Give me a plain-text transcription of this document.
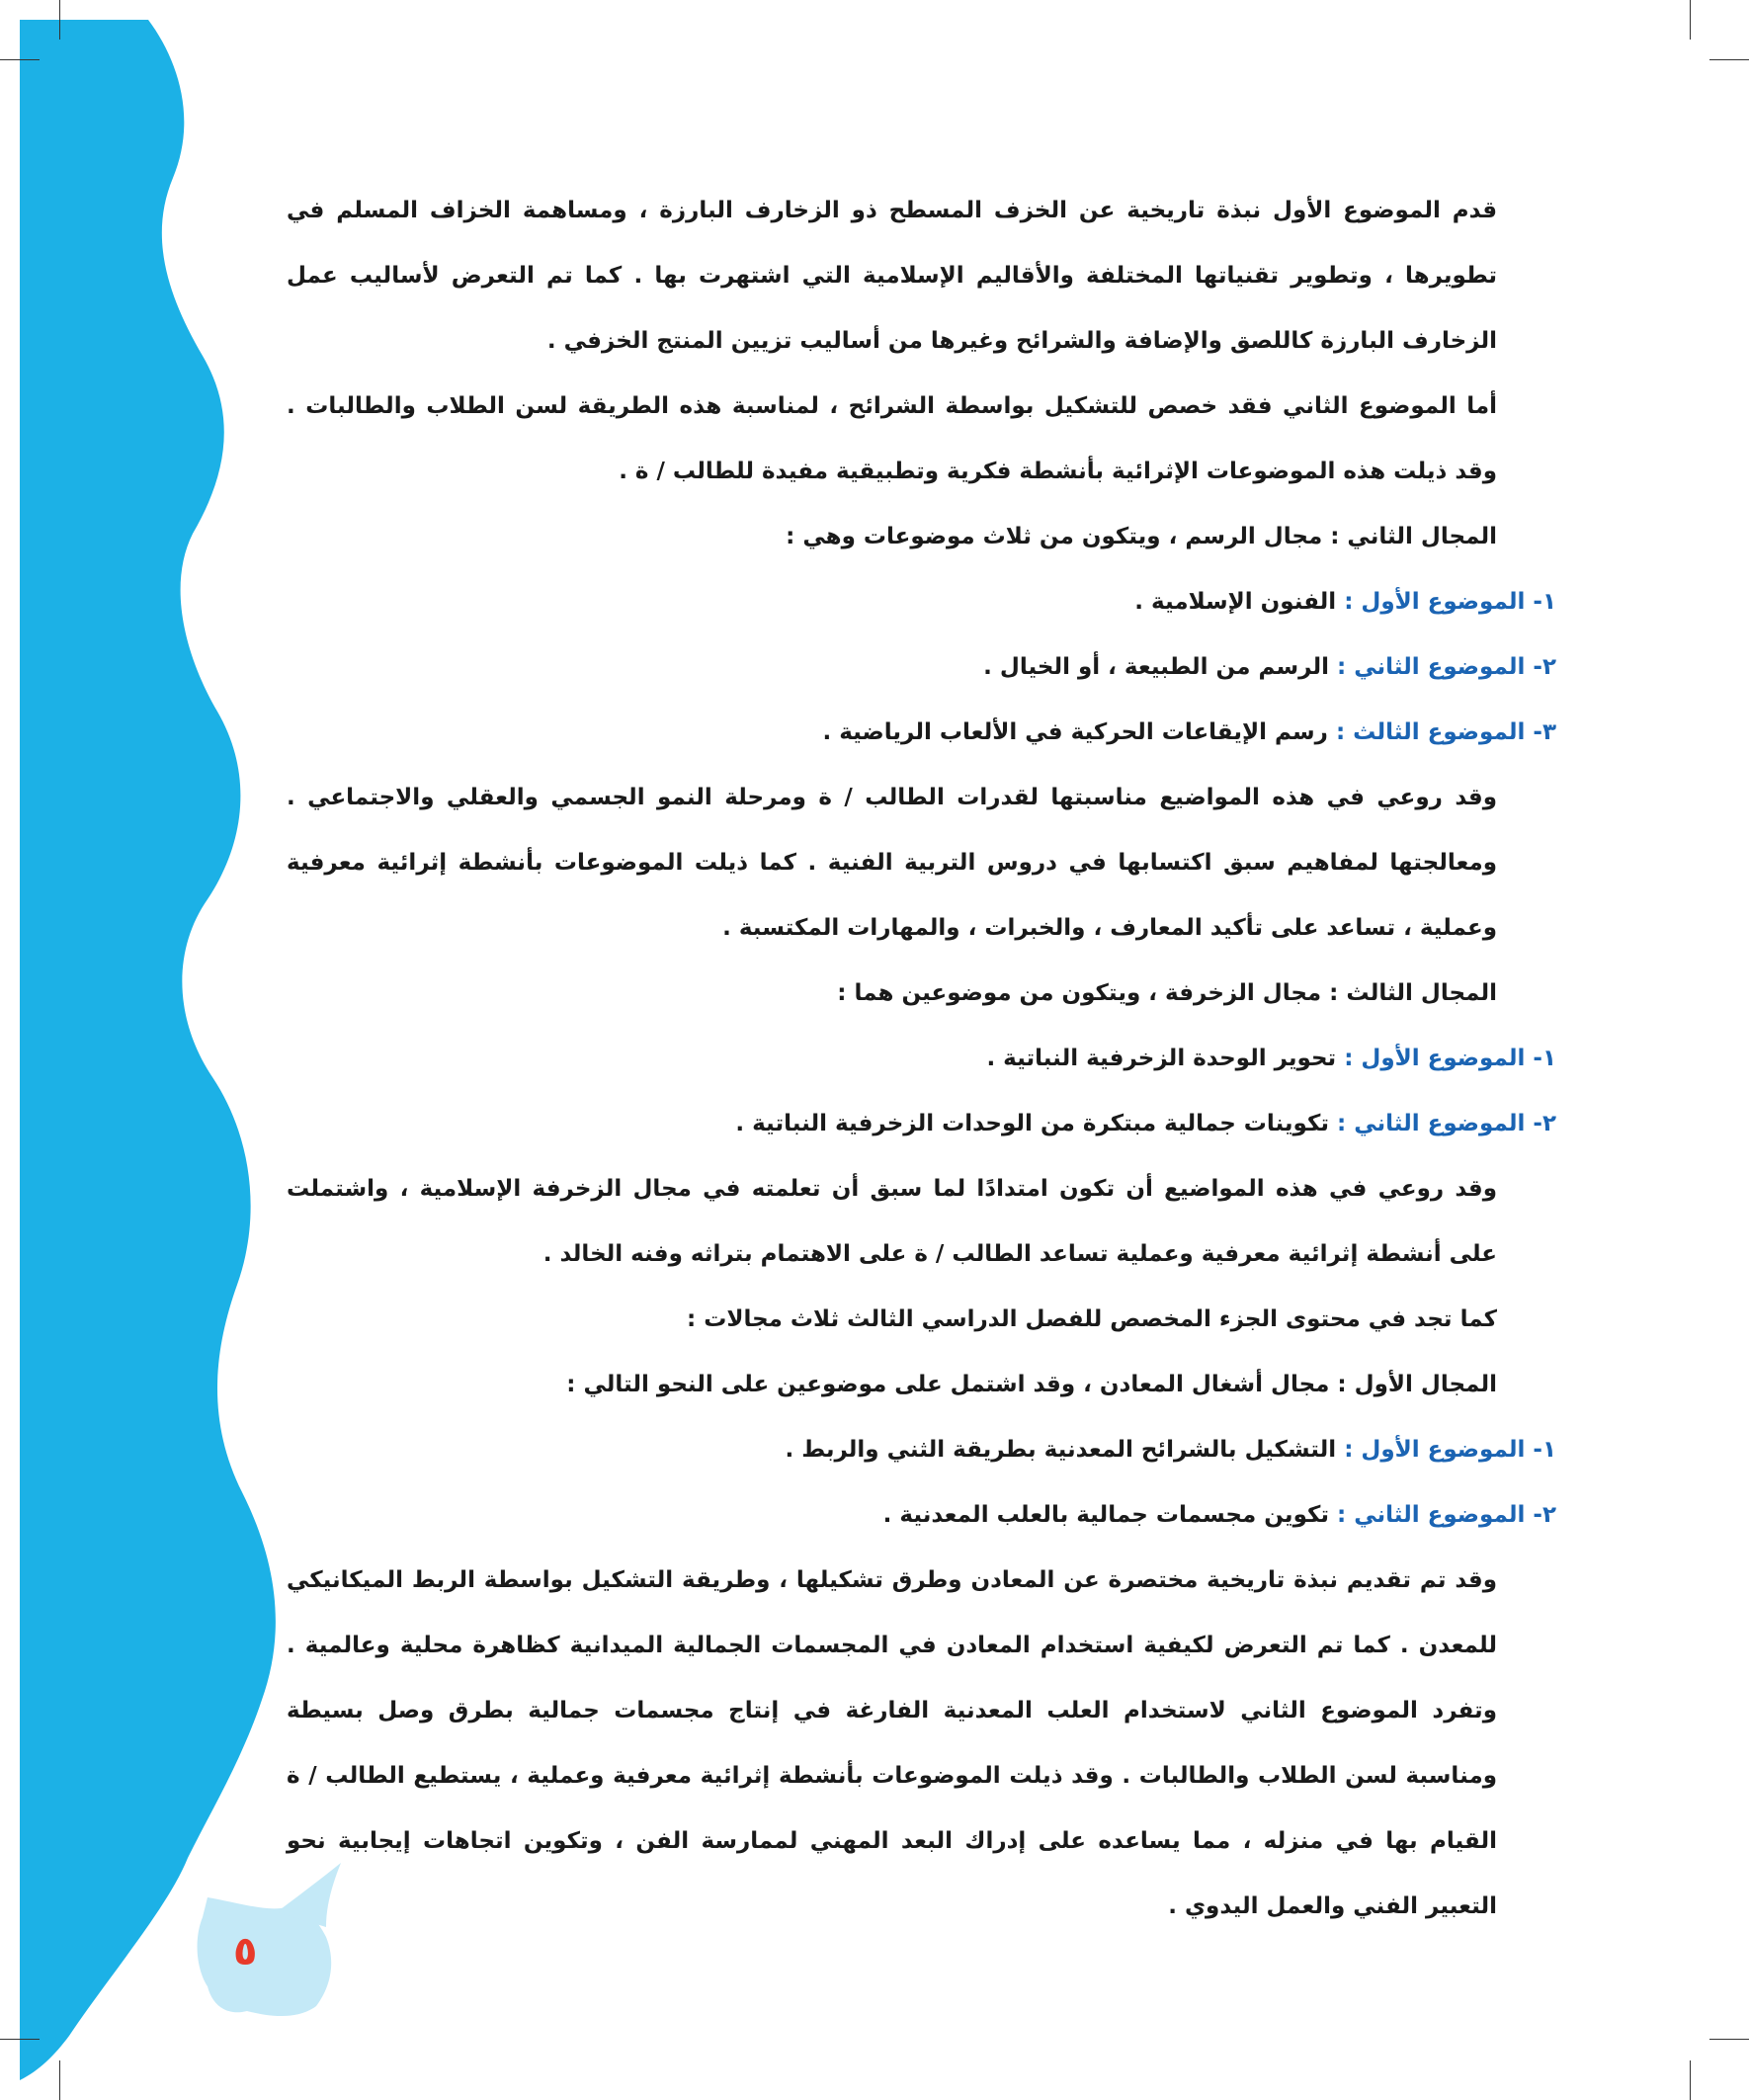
قدم الموضوع الأول نبذة تاريخية عن الخزف المسطح ذو الزخارف البارزة ، ومساهمة الخزاف المسلم في تطويرها ، وتطوير تقنياتها المختلفة والأقاليم الإسلامية التي اشتهرت بها . كما تم التعرض لأساليب عمل الزخارف البارزة كاللصق والإضافة والشرائح وغيرها من أساليب تزيين المنتج الخزفي .

أما الموضوع الثاني فقد خصص للتشكيل بواسطة الشرائح ، لمناسبة هذه الطريقة لسن الطلاب والطالبات . وقد ذيلت هذه الموضوعات الإثرائية بأنشطة فكرية وتطبيقية مفيدة للطالب / ة .

المجال الثاني : مجال الرسم ، ويتكون من ثلاث موضوعات وهي :

١- الموضوع الأول : الفنون الإسلامية .

٢- الموضوع الثاني : الرسم من الطبيعة ، أو الخيال .

٣- الموضوع الثالث : رسم الإيقاعات الحركية في الألعاب الرياضية .

وقد روعي في هذه المواضيع مناسبتها لقدرات الطالب / ة ومرحلة النمو الجسمي والعقلي والاجتماعي . ومعالجتها لمفاهيم سبق اكتسابها في دروس التربية الفنية . كما ذيلت الموضوعات بأنشطة إثرائية معرفية وعملية ، تساعد على تأكيد المعارف ، والخبرات ، والمهارات المكتسبة .

المجال الثالث : مجال الزخرفة ، ويتكون من موضوعين هما :

١- الموضوع الأول : تحوير الوحدة الزخرفية النباتية .

٢- الموضوع الثاني : تكوينات جمالية مبتكرة من الوحدات الزخرفية النباتية .

وقد روعي في هذه المواضيع أن تكون امتدادًا لما سبق أن تعلمته في مجال الزخرفة الإسلامية ، واشتملت على أنشطة إثرائية معرفية وعملية تساعد الطالب / ة على الاهتمام بتراثه وفنه الخالد .

كما تجد في محتوى الجزء المخصص للفصل الدراسي الثالث ثلاث مجالات :

المجال الأول : مجال أشغال المعادن ، وقد اشتمل على موضوعين على النحو التالي :

١- الموضوع الأول : التشكيل بالشرائح المعدنية بطريقة الثني والربط .

٢- الموضوع الثاني : تكوين مجسمات جمالية بالعلب المعدنية .

وقد تم تقديم نبذة تاريخية مختصرة عن المعادن وطرق تشكيلها ، وطريقة التشكيل بواسطة الربط الميكانيكي للمعدن . كما تم التعرض لكيفية استخدام المعادن في المجسمات الجمالية الميدانية كظاهرة محلية وعالمية . وتفرد الموضوع الثاني لاستخدام العلب المعدنية الفارغة في إنتاج مجسمات جمالية بطرق وصل بسيطة ومناسبة لسن الطلاب والطالبات . وقد ذيلت الموضوعات بأنشطة إثرائية معرفية وعملية ، يستطيع الطالب / ة القيام بها في منزله ، مما يساعده على إدراك البعد المهني لممارسة الفن ، وتكوين اتجاهات إيجابية نحو التعبير الفني والعمل اليدوي .

٥
